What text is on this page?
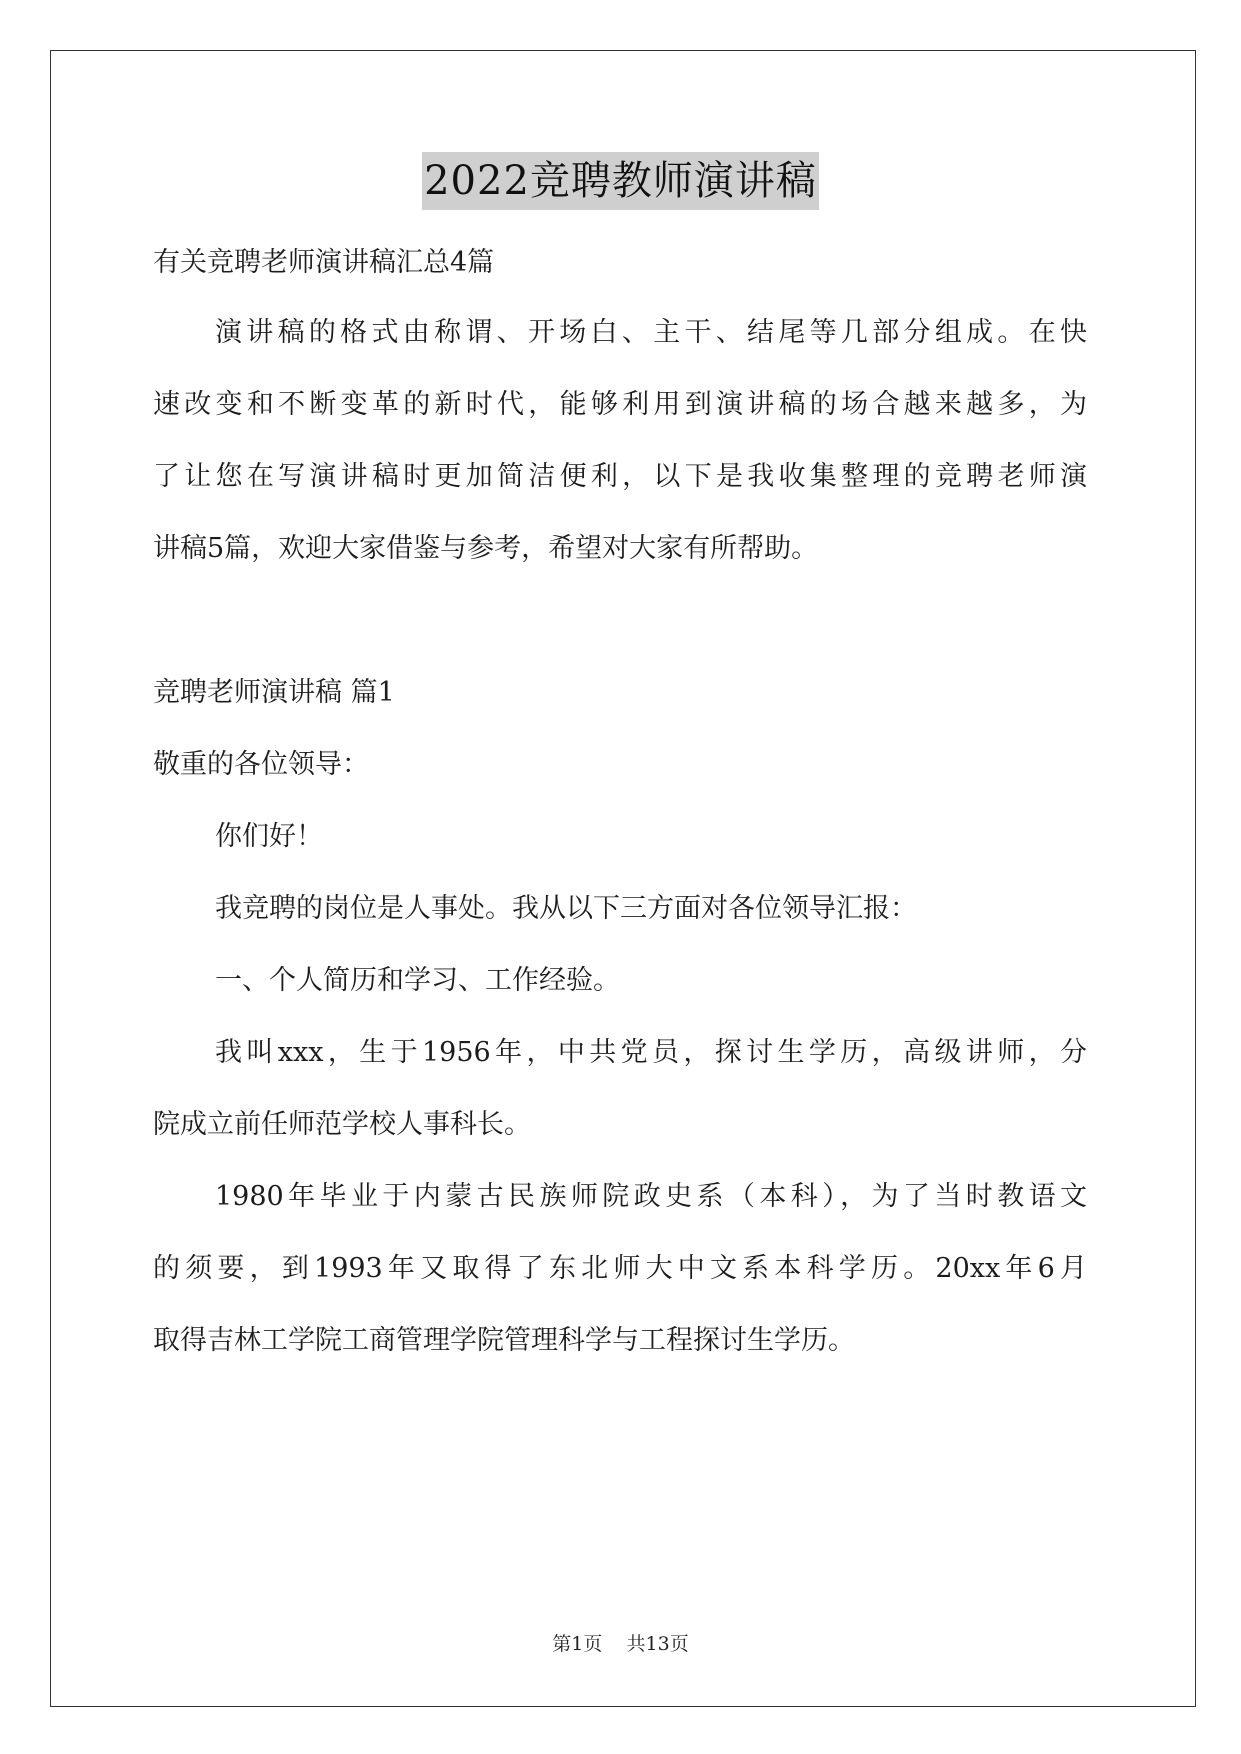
2022竞聘教师演讲稿
有关竞聘老师演讲稿汇总4篇
演讲稿的格式由称谓、开场白、主干、结尾等几部分组成。在快
速改变和不断变革的新时代，能够利用到演讲稿的场合越来越多，为
了让您在写演讲稿时更加简洁便利，以下是我收集整理的竞聘老师演
讲稿5篇，欢迎大家借鉴与参考，希望对大家有所帮助。
竞聘老师演讲稿 篇1
敬重的各位领导：
你们好！
我竞聘的岗位是人事处。我从以下三方面对各位领导汇报：
一、个人简历和学习、工作经验。
我叫xxx，生于1956年，中共党员，探讨生学历，高级讲师，分
院成立前任师范学校人事科长。
1980年毕业于内蒙古民族师院政史系（本科），为了当时教语文
的须要，到1993年又取得了东北师大中文系本科学历。20xx年6月
取得吉林工学院工商管理学院管理科学与工程探讨生学历。
第1页 共13页
